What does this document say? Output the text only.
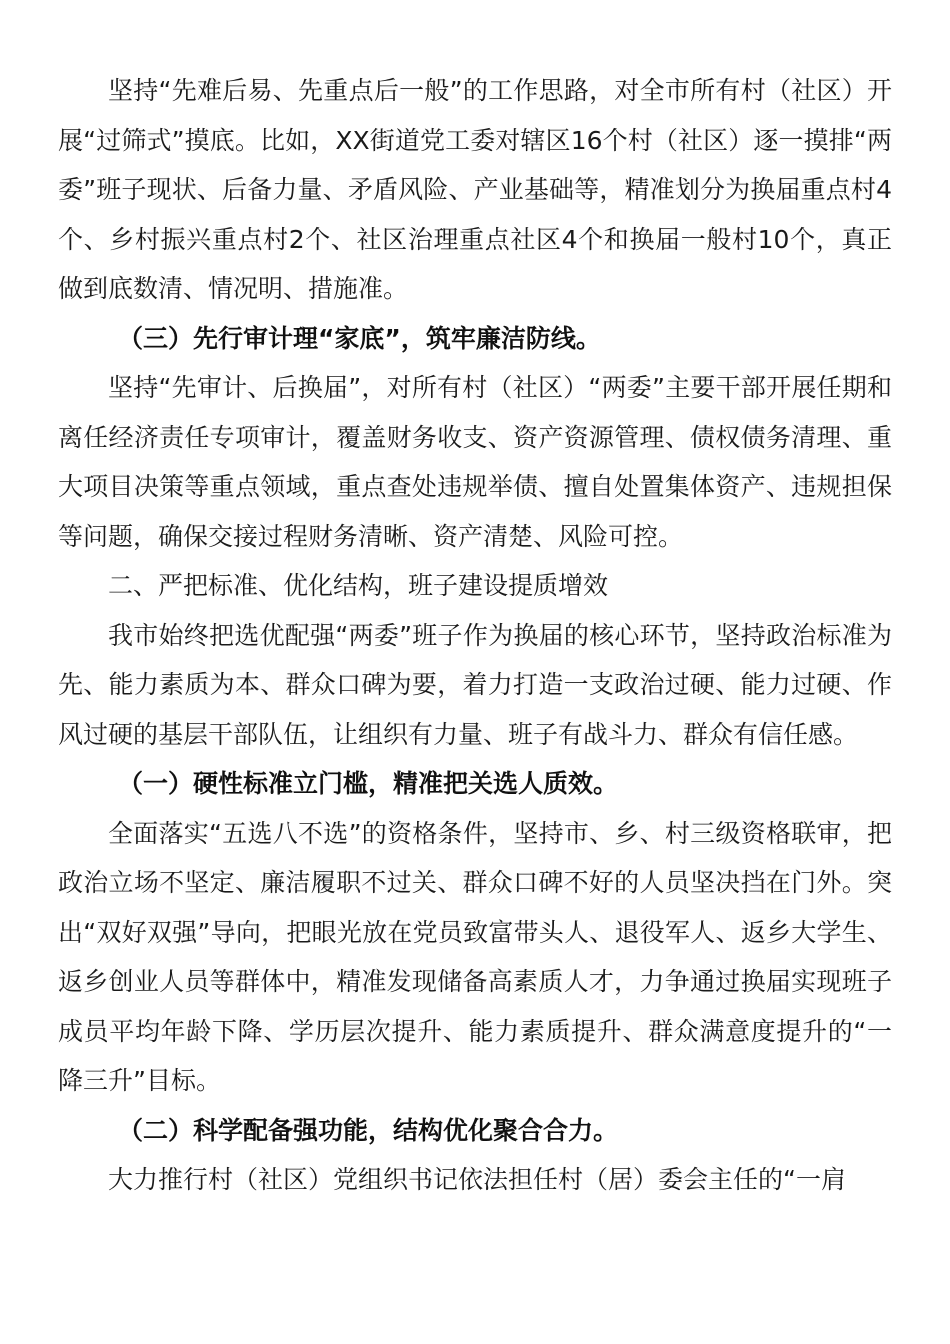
坚持“先难后易、先重点后一般”的工作思路，对全市所有村（社区）开展“过筛式”摸底。比如，XX街道党工委对辖区16个村（社区）逐一摸排“两委”班子现状、后备力量、矛盾风险、产业基础等，精准划分为换届重点村4个、乡村振兴重点村2个、社区治理重点社区4个和换届一般村10个，真正做到底数清、情况明、措施准。

（三）先行审计理“家底”，筑牢廉洁防线。

坚持“先审计、后换届”，对所有村（社区）“两委”主要干部开展任期和离任经济责任专项审计，覆盖财务收支、资产资源管理、债权债务清理、重大项目决策等重点领域，重点查处违规举债、擅自处置集体资产、违规担保等问题，确保交接过程财务清晰、资产清楚、风险可控。

二、严把标准、优化结构，班子建设提质增效

我市始终把选优配强“两委”班子作为换届的核心环节，坚持政治标准为先、能力素质为本、群众口碑为要，着力打造一支政治过硬、能力过硬、作风过硬的基层干部队伍，让组织有力量、班子有战斗力、群众有信任感。

（一）硬性标准立门槛，精准把关选人质效。

全面落实“五选八不选”的资格条件，坚持市、乡、村三级资格联审，把政治立场不坚定、廉洁履职不过关、群众口碑不好的人员坚决挡在门外。突出“双好双强”导向，把眼光放在党员致富带头人、退役军人、返乡大学生、返乡创业人员等群体中，精准发现储备高素质人才，力争通过换届实现班子成员平均年龄下降、学历层次提升、能力素质提升、群众满意度提升的“一降三升”目标。

（二）科学配备强功能，结构优化聚合合力。

大力推行村（社区）党组织书记依法担任村（居）委会主任的“一肩
